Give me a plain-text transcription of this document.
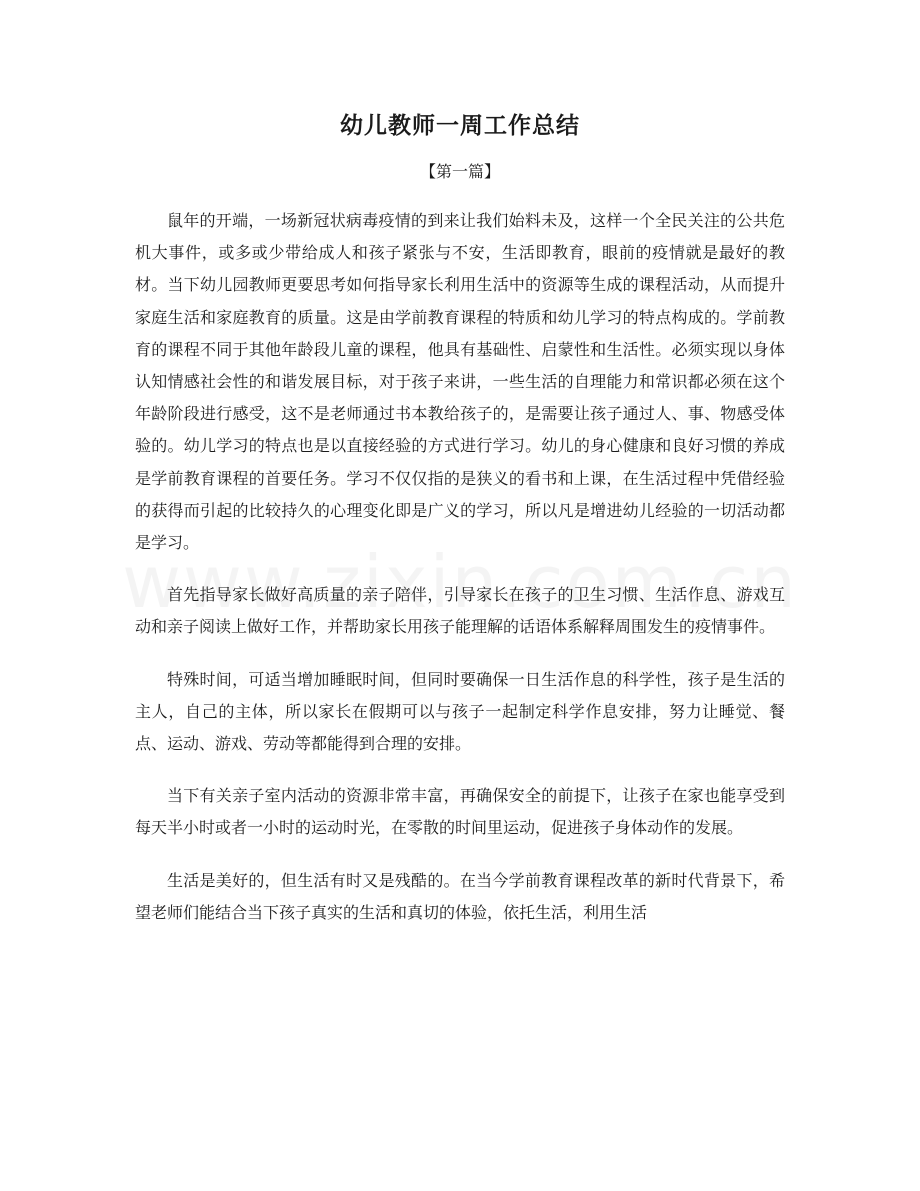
幼儿教师一周工作总结
【第一篇】

鼠年的开端，一场新冠状病毒疫情的到来让我们始料未及，这样一个全民关注的公共危机大事件，或多或少带给成人和孩子紧张与不安，生活即教育，眼前的疫情就是最好的教材。当下幼儿园教师更要思考如何指导家长利用生活中的资源等生成的课程活动，从而提升家庭生活和家庭教育的质量。这是由学前教育课程的特质和幼儿学习的特点构成的。学前教育的课程不同于其他年龄段儿童的课程，他具有基础性、启蒙性和生活性。必须实现以身体认知情感社会性的和谐发展目标，对于孩子来讲，一些生活的自理能力和常识都必须在这个年龄阶段进行感受，这不是老师通过书本教给孩子的，是需要让孩子通过人、事、物感受体验的。幼儿学习的特点也是以直接经验的方式进行学习。幼儿的身心健康和良好习惯的养成是学前教育课程的首要任务。学习不仅仅指的是狭义的看书和上课，在生活过程中凭借经验的获得而引起的比较持久的心理变化即是广义的学习，所以凡是增进幼儿经验的一切活动都是学习。

首先指导家长做好高质量的亲子陪伴，引导家长在孩子的卫生习惯、生活作息、游戏互动和亲子阅读上做好工作，并帮助家长用孩子能理解的话语体系解释周围发生的疫情事件。

特殊时间，可适当增加睡眠时间，但同时要确保一日生活作息的科学性，孩子是生活的主人，自己的主体，所以家长在假期可以与孩子一起制定科学作息安排，努力让睡觉、餐点、运动、游戏、劳动等都能得到合理的安排。

当下有关亲子室内活动的资源非常丰富，再确保安全的前提下，让孩子在家也能享受到每天半小时或者一小时的运动时光，在零散的时间里运动，促进孩子身体动作的发展。

生活是美好的，但生活有时又是残酷的。在当今学前教育课程改革的新时代背景下，希望老师们能结合当下孩子真实的生活和真切的体验，依托生活，利用生活
